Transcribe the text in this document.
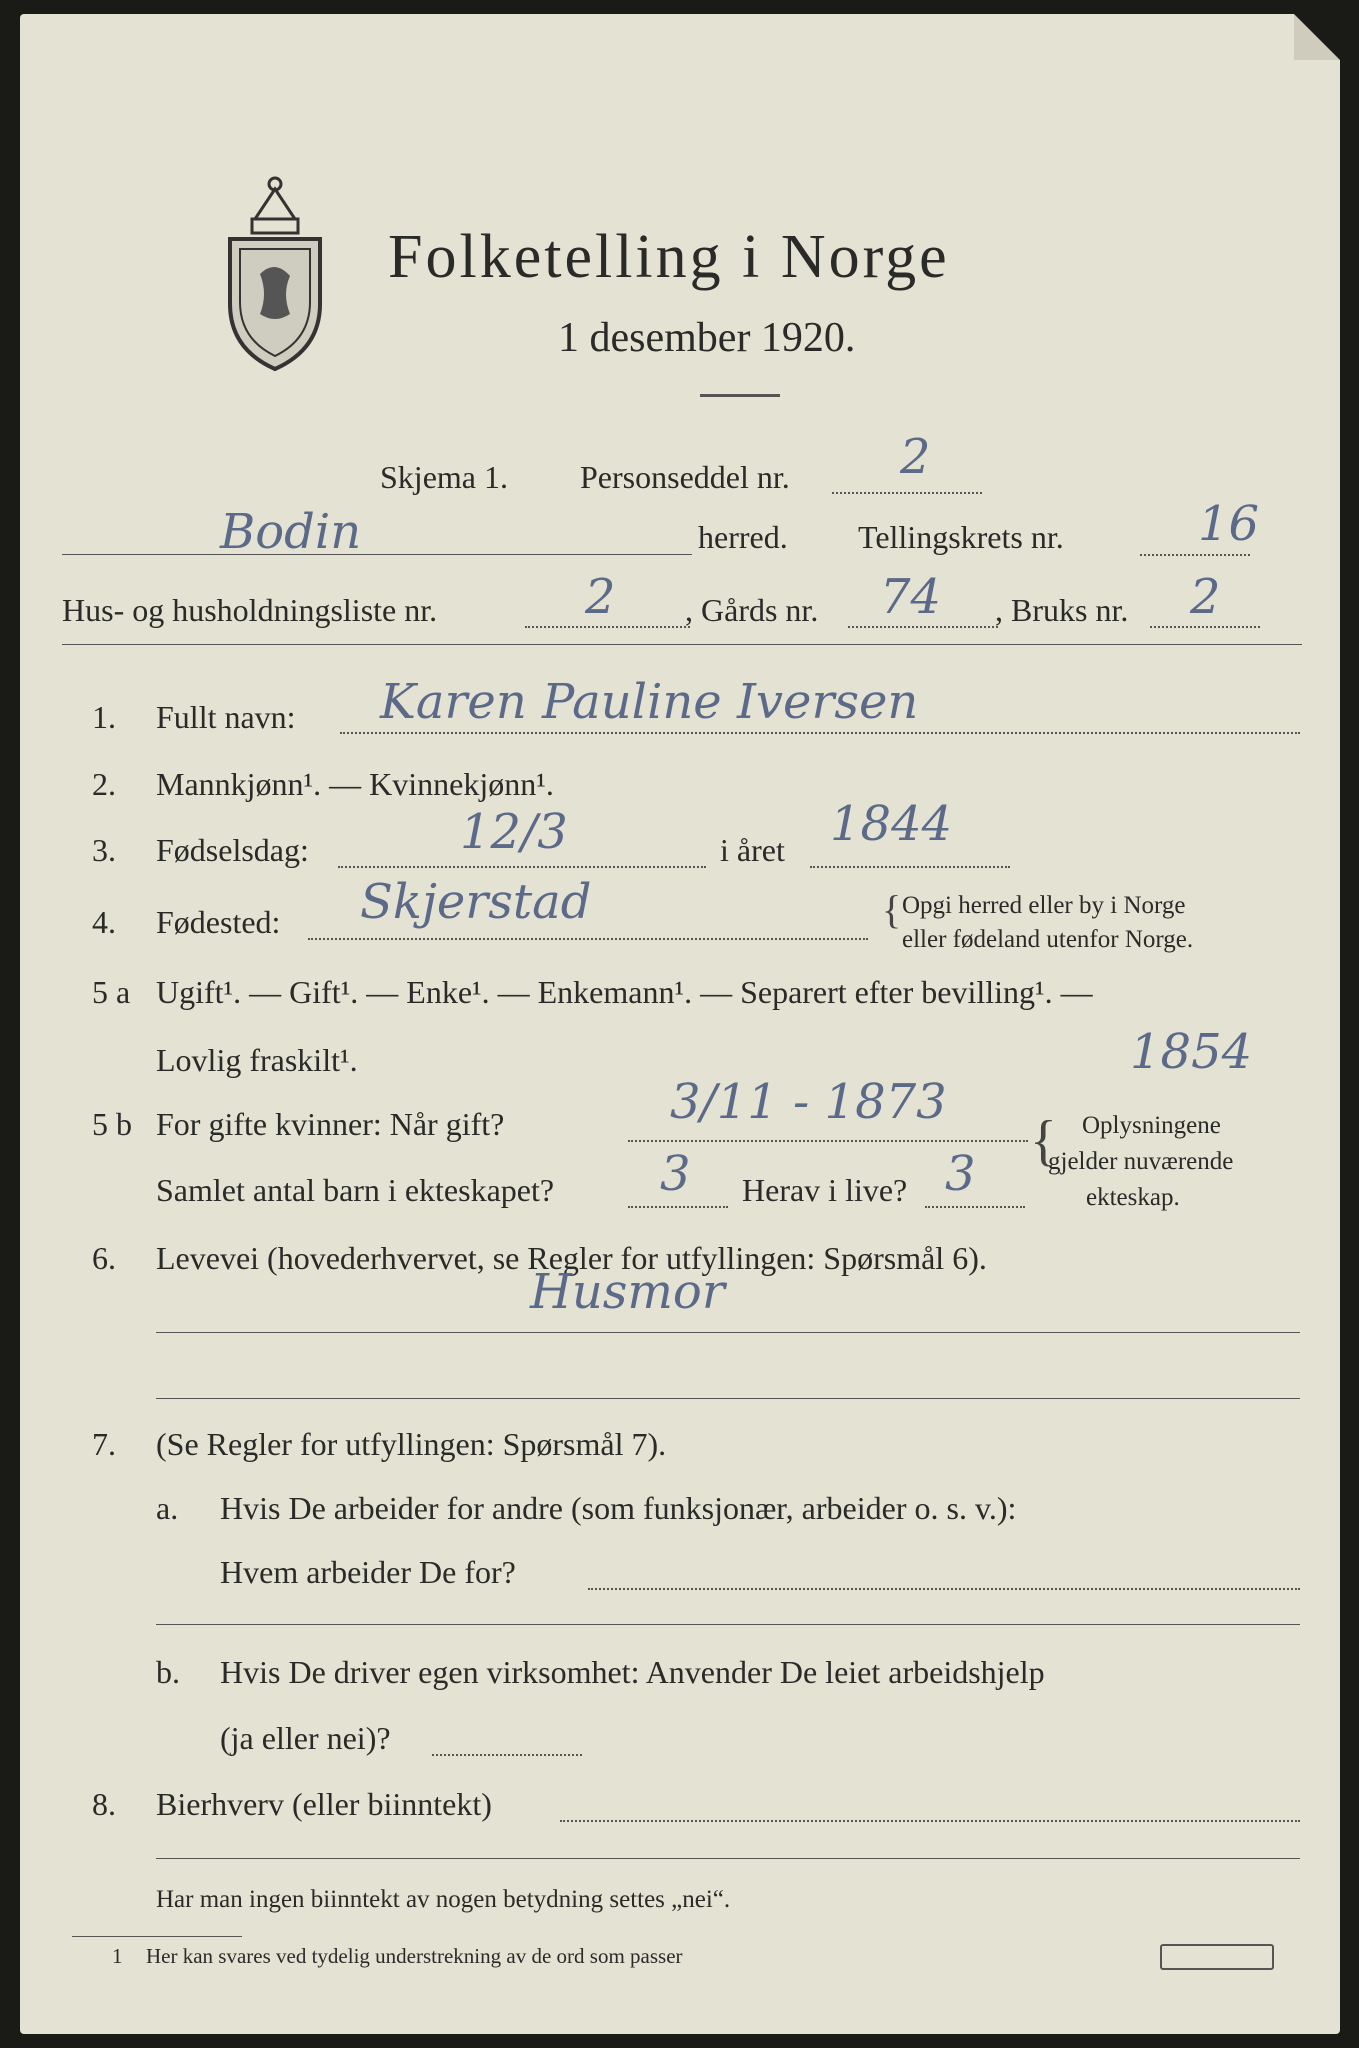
Folketelling i Norge
1 desember 1920.
Skjema 1. Personseddel nr. 2
Bodin	herred. Tellingskrets nr.	16
Hus- og husholdningsliste nr.	2 , Gårds nr. 74 , Bruks nr. 2
1. Fullt navn: Karen Pauline Iversen
2. Mannkjønn¹. — Kvinnekjønn¹.
3. Fødselsdag:	12/3	i året 1844
4. Fødested: Skjerstad	{ Opgi herred eller by i Norge
eller fødeland utenfor Norge.
5 a Ugift¹. — Gift¹. — Enke¹. — Enkemann¹. — Separert efter bevilling¹. —
Lovlig fraskilt¹.	1854
5 b For gifte kvinner: Når gift?	3/11 - 1873
Samlet antal barn i ekteskapet? 3 Herav i live? 3
{ Oplysningene
gjelder nuværende
ekteskap.
6. Levevei (hovederhvervet, se Regler for utfyllingen: Spørsmål 6).
Husmor
7. (Se Regler for utfyllingen: Spørsmål 7).
a. Hvis De arbeider for andre (som funksjonær, arbeider o. s. v.):
Hvem arbeider De for?
b. Hvis De driver egen virksomhet: Anvender De leiet arbeidshjelp
(ja eller nei)?
8. Bierhverv (eller biinntekt)
Har man ingen biinntekt av nogen betydning settes „nei“.
1 Her kan svares ved tydelig understrekning av de ord som passer
